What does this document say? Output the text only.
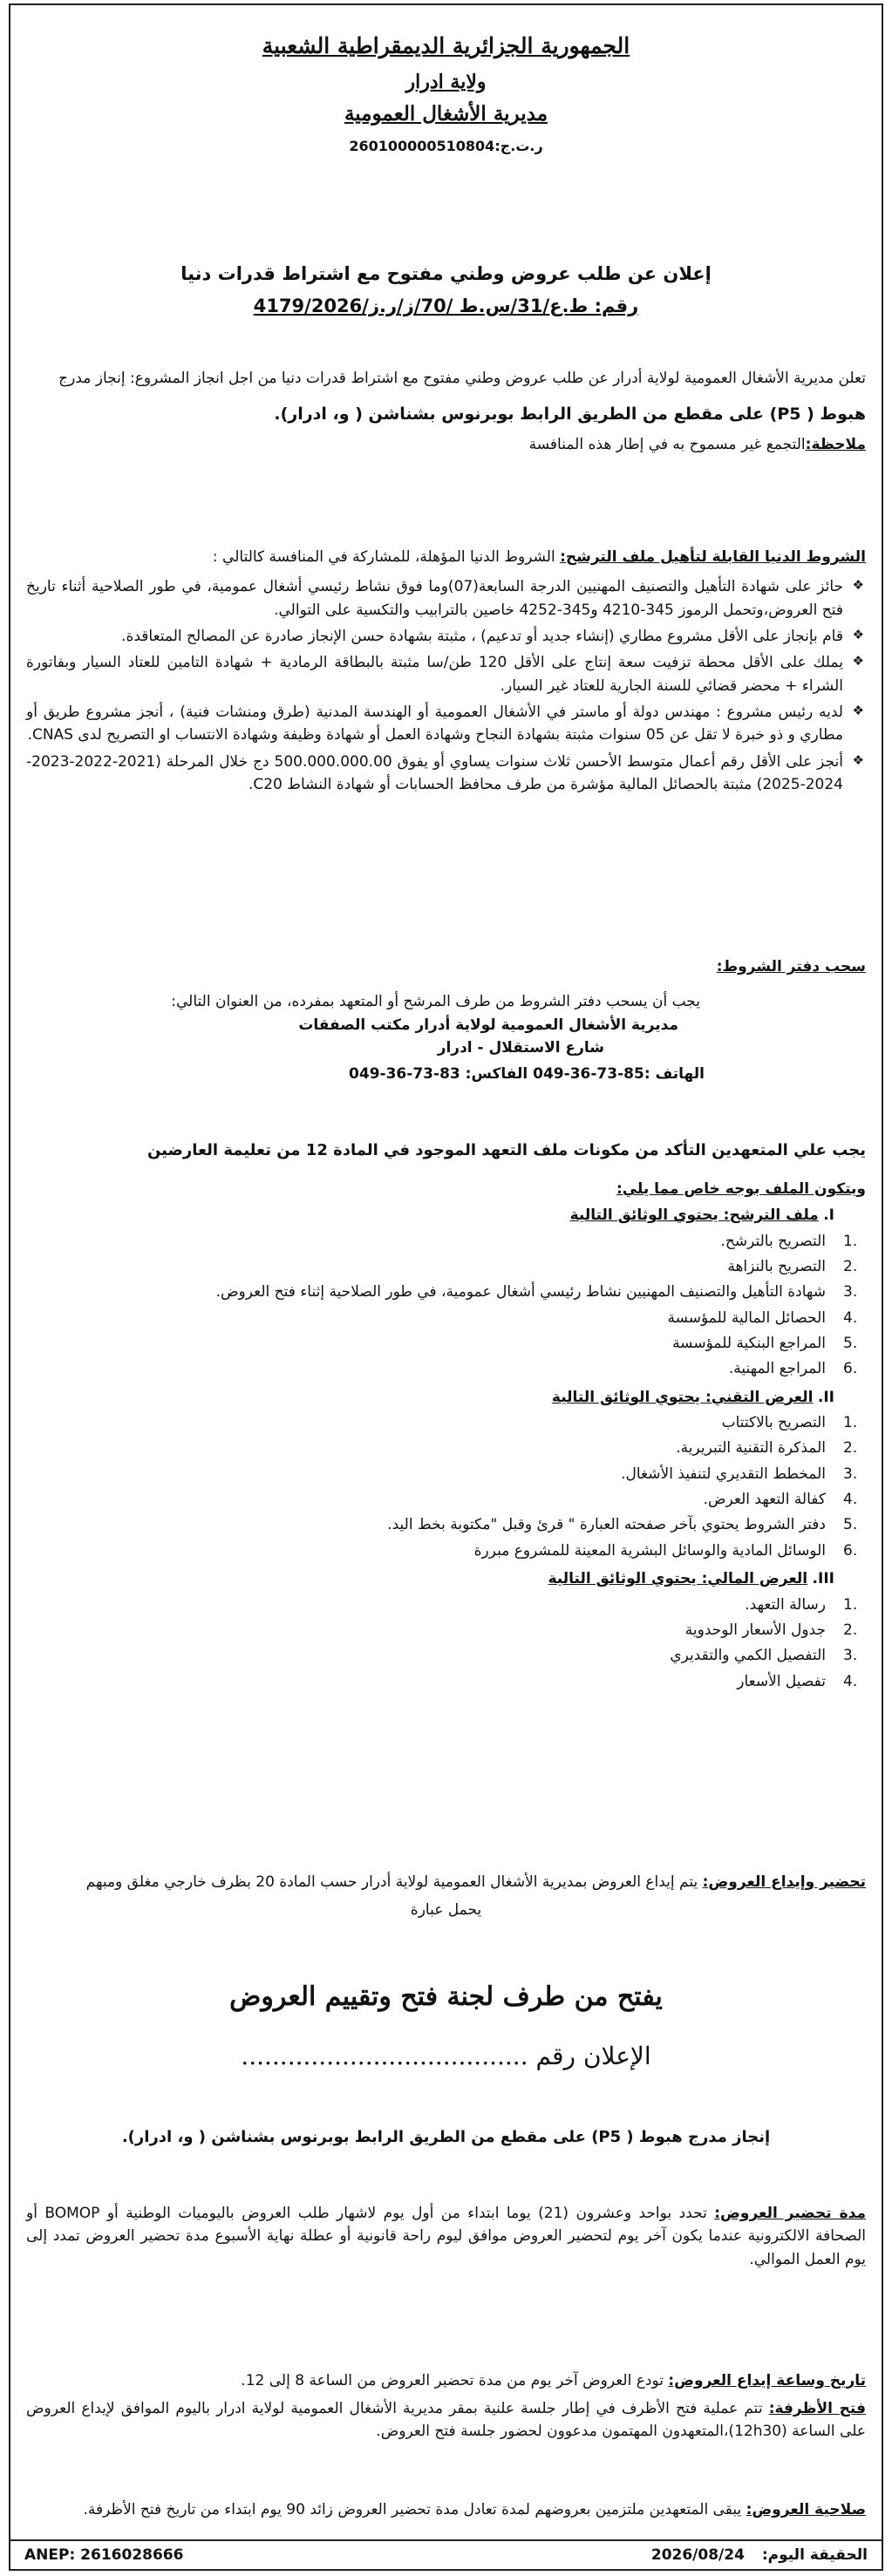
الجمهورية الجزائرية الديمقراطية الشعبية
ولاية ادرار
مديرية الأشغال العمومية
ر.ت.ج:260100000510804
إعلان عن طلب عروض وطني مفتوح مع اشتراط قدرات دنيا
رقم: ط.ع/31/س.ط /70/ز/ر.ز/4179/2026
تعلن مديرية الأشغال العمومية لولاية أدرار عن طلب عروض وطني مفتوح مع اشتراط قدرات دنيا من اجل انجاز المشروع: إنجاز مدرج
هبوط ( P5) على مقطع من الطريق الرابط بوبرنوس بشناشن ( و، ادرار).
ملاحظة:التجمع غير مسموح به في إطار هذه المنافسة
الشروط الدنيا القابلة لتأهيل ملف الترشح: الشروط الدنيا المؤهلة، للمشاركة في المنافسة كالتالي :
❖ حائز على شهادة التأهيل والتصنيف المهنيين الدرجة السابعة(07)وما فوق نشاط رئيسي أشغال عمومية، في طور الصلاحية أثناء تاريخ فتح العروض،وتحمل الرموز 345-4210 و345-4252 خاصين بالترابيب والتكسية على التوالي.
❖ قام بإنجاز على الأقل مشروع مطاري (إنشاء جديد أو تدعيم) ، مثبتة بشهادة حسن الإنجاز صادرة عن المصالح المتعاقدة.
❖ يملك على الأقل محطة تزفيت سعة إنتاج على الأقل 120 طن/سا مثبتة بالبطاقة الرمادية + شهادة التامين للعتاد السيار وبفاتورة الشراء + محضر قضائي للسنة الجارية للعتاد غير السيار.
❖ لديه رئيس مشروع : مهندس دولة أو ماستر في الأشغال العمومية أو الهندسة المدنية (طرق ومنشات فنية) ، أنجز مشروع طريق أو مطاري و ذو خبرة لا تقل عن 05 سنوات مثبتة بشهادة النجاح وشهادة العمل أو شهادة وظيفة وشهادة الانتساب او التصريح لدى CNAS.
❖ أنجز على الأقل رقم أعمال متوسط الأحسن ثلاث سنوات يساوي أو يفوق 500.000.000.00 دج خلال المرحلة (2021-2022-2023-2024-2025) مثبتة بالحصائل المالية مؤشرة من طرف محافظ الحسابات أو شهادة النشاط C20.
سحب دفتر الشروط:
يجب أن يسحب دفتر الشروط من طرف المرشح أو المتعهد بمفرده، من العنوان التالي:
مديرية الأشغال العمومية لولاية أدرار مكتب الصفقات
شارع الاستقلال - ادرار
الهاتف :85-73-36-049 الفاكس: 83-73-36-049
يجب علي المتعهدين التأكد من مكونات ملف التعهد الموجود في المادة 12 من تعليمة العارضين
ويتكون الملف بوجه خاص مما يلي:
I. ملف الترشح: يحتوي الوثائق التالية
.1
التصريح بالترشح.
.2
التصريح بالنزاهة
.3
شهادة التأهيل والتصنيف المهنيين نشاط رئيسي أشغال عمومية، في طور الصلاحية إثناء فتح العروض.
.4
الحصائل المالية للمؤسسة
.5
المراجع البنكية للمؤسسة
.6
المراجع المهنية.
II. العرض التقني: يحتوي الوثائق التالية
.1
التصريح بالاكتتاب
.2
المذكرة التقنية التبريرية.
.3
المخطط التقديري لتنفيذ الأشغال.
.4
كفالة التعهد العرض.
.5
دفتر الشروط يحتوي بآخر صفحته العبارة " قرئ وقبل "مكتوبة بخط اليد.
.6
الوسائل المادية والوسائل البشرية المعينة للمشروع مبررة
III. العرض المالي: يحتوي الوثائق التالية
.1
رسالة التعهد.
.2
جدول الأسعار الوحدوية
.3
التفصيل الكمي والتقديري
.4
تفصيل الأسعار
تحضير وإيداع العروض: يتم إيداع العروض بمديرية الأشغال العمومية لولاية أدرار حسب المادة 20 بظرف خارجي مغلق ومبهم
يحمل عبارة
يفتح من طرف لجنة فتح وتقييم العروض
الإعلان رقم .....................................
إنجاز مدرج هبوط ( P5) على مقطع من الطريق الرابط بوبرنوس بشناشن ( و، ادرار).
مدة تحضير العروض: تحدد بواحد وعشرون (21) يوما ابتداء من أول يوم لاشهار طلب العروض باليوميات الوطنية أو BOMOP أو الصحافة الالكترونية عندما يكون آخر يوم لتحضير العروض موافق ليوم راحة قانونية أو عطلة نهاية الأسبوع مدة تحضير العروض تمدد إلى يوم العمل الموالي.
تاريخ وساعة إيداع العروض: تودع العروض آخر يوم من مدة تحضير العروض من الساعة 8 إلى 12.
فتح الأظرفة: تتم عملية فتح الأظرف في إطار جلسة علنية بمقر مديرية الأشغال العمومية لولاية ادرار باليوم الموافق لإيداع العروض على الساعة (12h30)،المتعهدون المهتمون مدعوون لحضور جلسة فتح العروض.
صلاحية العروض: يبقى المتعهدين ملتزمين بعروضهم لمدة تعادل مدة تحضير العروض زائد 90 يوم ابتداء من تاريخ فتح الأظرفة.
الحقيقة اليوم: 2026/08/24
ANEP: 2616028666
